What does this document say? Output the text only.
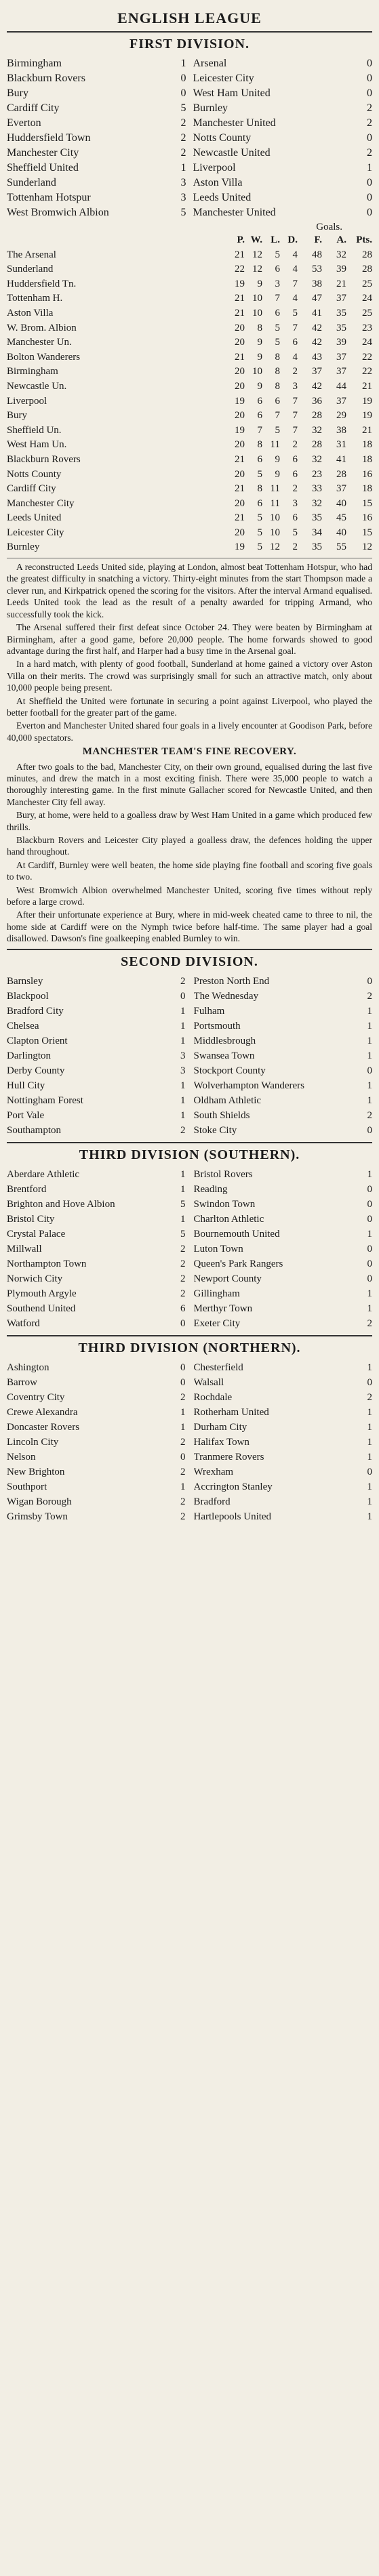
ENGLISH LEAGUE
FIRST DIVISION.
Birmingham	1 Arsenal	0
Blackburn Rovers	0 Leicester City	0
Bury	0 West Ham United	0
Cardiff City	5 Burnley	2
Everton	2 Manchester United	2
Huddersfield Town	2 Notts County	0
Manchester City	2 Newcastle United	2
Sheffield United	1 Liverpool	1
Sunderland	3 Aston Villa	0
Tottenham Hotspur	3 Leeds United	0
West Bromwich Albion	5 Manchester United	0
Goals.
P. W. L. D.	F.	A. Pts.
The Arsenal	21 12	5	4	48	32	28
Sunderland	22 12	6	4	53	39	28
Huddersfield Tn.	19	9	3	7	38	21	25
Tottenham H.	21 10	7	4	47	37	24
Aston Villa	21 10	6	5	41	35	25
W. Brom. Albion	20	8	5	7	42	35	23
Manchester Un.	20	9	5	6	42	39	24
Bolton Wanderers	21	9	8	4	43	37	22
Birmingham	20 10	8	2	37	37	22
Newcastle Un.	20	9	8	3	42	44	21
Liverpool	19	6	6	7	36	37	19
Bury	20	6	7	7	28	29	19
Sheffield Un.	19	7	5	7	32	38	21
West Ham Un.	20	8 11	2	28	31	18
Blackburn Rovers	21	6	9	6	32	41	18
Notts County	20	5	9	6	23	28	16
Cardiff City	21	8 11	2	33	37	18
Manchester City	20	6 11	3	32	40	15
Leeds United	21	5 10	6	35	45	16
Leicester City	20	5 10	5	34	40	15
Burnley	19	5 12	2	35	55	12

A reconstructed Leeds United side, playing at London, almost beat Tottenham Hotspur, who had the greatest difficulty in snatching a victory. Thirty-eight minutes from the start Thompson made a clever run, and Kirkpatrick opened the scoring for the visitors. After the interval Armand equalised. Leeds United took the lead as the result of a penalty awarded for tripping Armand, who successfully took the kick.

The Arsenal suffered their first defeat since October 24. They were beaten by Birmingham at Birmingham, after a good game, before 20,000 people. The home forwards showed to good advantage during the first half, and Harper had a busy time in the Arsenal goal.

In a hard match, with plenty of good football, Sunderland at home gained a victory over Aston Villa on their merits. The crowd was surprisingly small for such an attractive match, only about 10,000 people being present.

At Sheffield the United were fortunate in securing a point against Liverpool, who played the better football for the greater part of the game.

Everton and Manchester United shared four goals in a lively encounter at Goodison Park, before 40,000 spectators.

MANCHESTER TEAM'S FINE RECOVERY.

After two goals to the bad, Manchester City, on their own ground, equalised during the last five minutes, and drew the match in a most exciting finish. There were 35,000 people to watch a thoroughly interesting game. In the first minute Gallacher scored for Newcastle United, and then Manchester City fell away.

Bury, at home, were held to a goalless draw by West Ham United in a game which produced few thrills.

Blackburn Rovers and Leicester City played a goalless draw, the defences holding the upper hand throughout.

At Cardiff, Burnley were well beaten, the home side playing fine football and scoring five goals to two.

West Bromwich Albion overwhelmed Manchester United, scoring five times without reply before a large crowd.

After their unfortunate experience at Bury, where in mid-week cheated came to three to nil, the home side at Cardiff were on the Nymph twice before half-time. The same player had a goal disallowed. Dawson's fine goalkeeping enabled Burnley to win.

SECOND DIVISION.
Barnsley	2 Preston North End	0
Blackpool	0 The Wednesday	2
Bradford City	1 Fulham	1
Chelsea	1 Portsmouth	1
Clapton Orient	1 Middlesbrough	1
Darlington	3 Swansea Town	1
Derby County	3 Stockport County	0
Hull City	1 Wolverhampton Wanderers	1
Nottingham Forest	1 Oldham Athletic	1
Port Vale	1 South Shields	2
Southampton	2 Stoke City	0
THIRD DIVISION (SOUTHERN).
Aberdare Athletic	1 Bristol Rovers	1
Brentford	1 Reading	0
Brighton and Hove Albion	5 Swindon Town	0
Bristol City	1 Charlton Athletic	0
Crystal Palace	5 Bournemouth United	1
Millwall	2 Luton Town	0
Northampton Town	2 Queen's Park Rangers	0
Norwich City	2 Newport County	0
Plymouth Argyle	2 Gillingham	1
Southend United	6 Merthyr Town	1
Watford	0 Exeter City	2
THIRD DIVISION (NORTHERN).
Ashington	0 Chesterfield	1
Barrow	0 Walsall	0
Coventry City	2 Rochdale	2
Crewe Alexandra	1 Rotherham United	1
Doncaster Rovers	1 Durham City	1
Lincoln City	2 Halifax Town	1
Nelson	0 Tranmere Rovers	1
New Brighton	2 Wrexham	0
Southport	1 Accrington Stanley	1
Wigan Borough	2 Bradford	1
Grimsby Town	2 Hartlepools United	1
